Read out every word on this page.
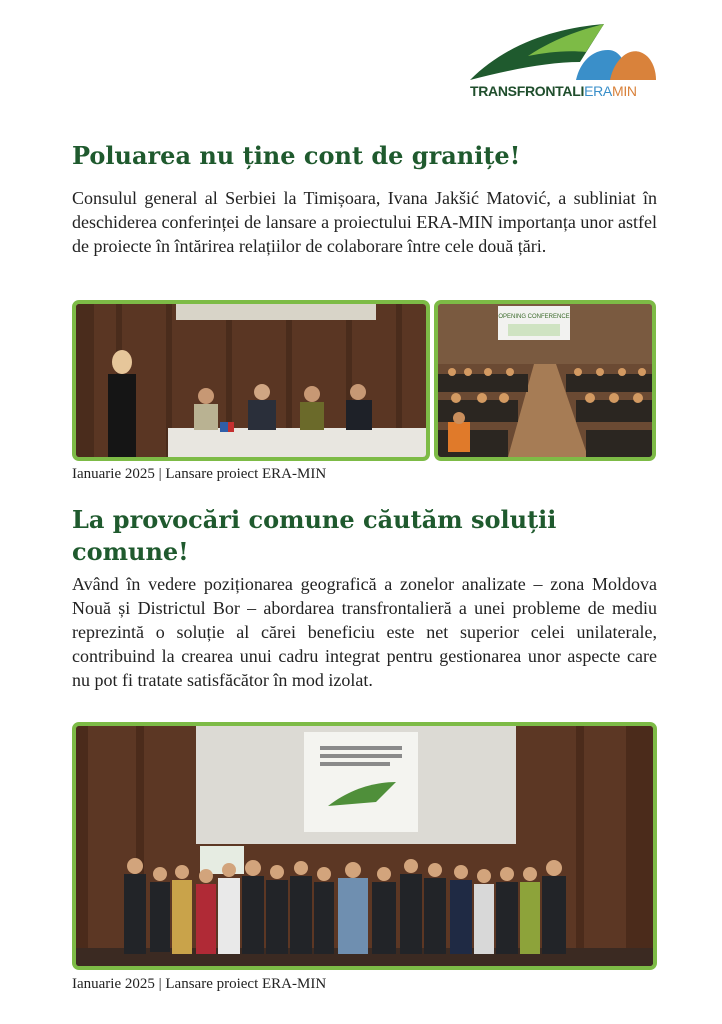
TRANSFRONTALIERAMIN
Poluarea nu ține cont de granițe!

Consulul general al Serbiei la Timișoara, Ivana Jakšić Matović, a subliniat în deschiderea conferinței de lansare a proiectului ERA-MIN importanța unor astfel de proiecte în întărirea relațiilor de colaborare între cele două țări.

OPENING CONFERENCE
Ianuarie 2025 | Lansare proiect ERA-MIN
La provocări comune căutăm soluții comune!

Având în vedere poziționarea geografică a zonelor analizate – zona Moldova Nouă și Districtul Bor – abordarea transfrontalieră a unei probleme de mediu reprezintă o soluție al cărei beneficiu este net superior celei unilaterale, contribuind la crearea unui cadru integrat pentru gestionarea unor aspecte care nu pot fi tratate satisfăcător în mod izolat.

Ianuarie 2025 | Lansare proiect ERA-MIN
